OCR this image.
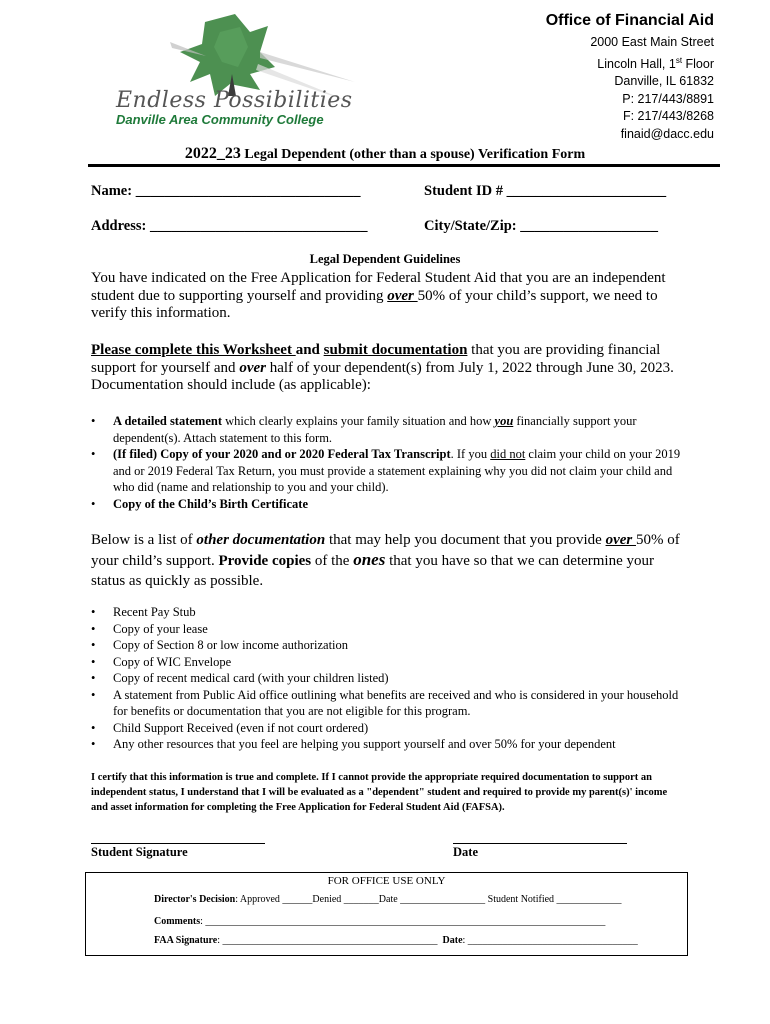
Endless Possibilities
Danville Area Community College
Office of Financial Aid
2000 East Main Street
Lincoln Hall, 1st Floor
Danville, IL 61832
P: 217/443/8891
F: 217/443/8268
finaid@dacc.edu
2022_23 Legal Dependent (other than a spouse) Verification Form
Name: _______________________________	Student ID # ______________________
Address: ______________________________	City/State/Zip: ___________________
Legal Dependent Guidelines
You have indicated on the Free Application for Federal Student Aid that you are an independent student due to supporting yourself and providing over 50% of your child’s support, we need to verify this information.
Please complete this Worksheet and submit documentation that you are providing financial support for yourself and over half of your dependent(s) from July 1, 2022 through June 30, 2023. Documentation should include (as applicable):
• A detailed statement which clearly explains your family situation and how you financially support your dependent(s). Attach statement to this form.
• (If filed) Copy of your 2020 and or 2020 Federal Tax Transcript. If you did not claim your child on your 2019 and or 2019 Federal Tax Return, you must provide a statement explaining why you did not claim your child and who did (name and relationship to you and your child).
• Copy of the Child’s Birth Certificate
Below is a list of other documentation that may help you document that you provide over 50% of your child’s support. Provide copies of the ones that you have so that we can determine your status as quickly as possible.
• Recent Pay Stub
• Copy of your lease
• Copy of Section 8 or low income authorization
• Copy of WIC Envelope
• Copy of recent medical card (with your children listed)
• A statement from Public Aid office outlining what benefits are received and who is considered in your household for benefits or documentation that you are not eligible for this program.
• Child Support Received (even if not court ordered)
• Any other resources that you feel are helping you support yourself and over 50% for your dependent
I certify that this information is true and complete. If I cannot provide the appropriate required documentation to support an independent status, I understand that I will be evaluated as a "dependent" student and required to provide my parent(s)' income and asset information for completing the Free Application for Federal Student Aid (FAFSA).
Student Signature	Date
FOR OFFICE USE ONLY
Director's Decision: Approved ______Denied _______Date _________________ Student Notified _____________
Comments: ________________________________________________________________________________
FAA Signature: ___________________________________________ Date: __________________________________
